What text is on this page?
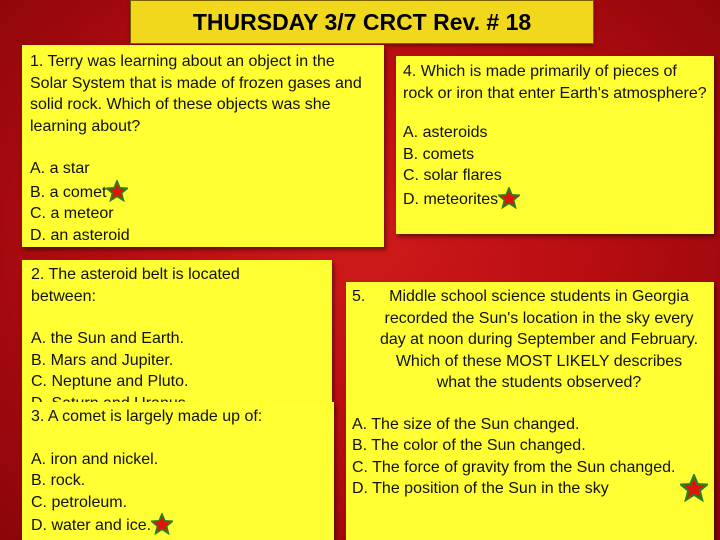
THURSDAY 3/7 CRCT Rev. # 18
1. Terry was learning about an object in the Solar System that is made of frozen gases and solid rock. Which of these objects was she learning about?
A. a star
B. a comet
C. a meteor
D. an asteroid
4. Which is made primarily of pieces of rock or iron that enter Earth's atmosphere?
A. asteroids
B. comets
C. solar flares
D. meteorites
2. The asteroid belt is located between:
A. the Sun and Earth.
B. Mars and Jupiter.
C. Neptune and Pluto.
3. A comet is largely made up of:
A. iron and nickel.
B. rock.
C. petroleum.
D. water and ice.
5.	Middle school science students in Georgia recorded the Sun's location in the sky every day at noon during September and February. Which of these MOST LIKELY describes what the students observed?
A. The size of the Sun changed.
B. The color of the Sun changed.
C. The force of gravity from the Sun changed.
D. The position of the Sun in the sky
